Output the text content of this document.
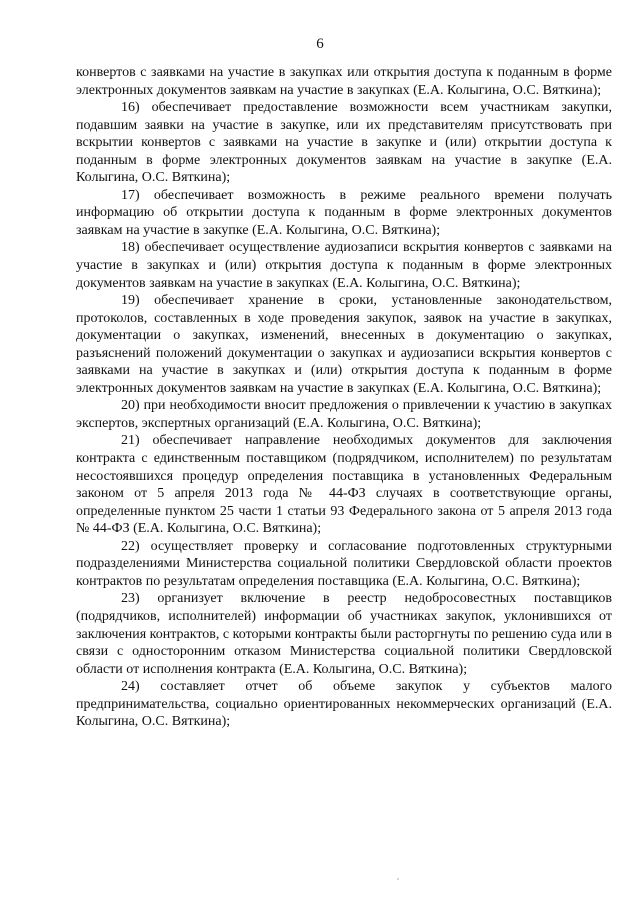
6

конвертов с заявками на участие в закупках или открытия доступа к поданным в форме электронных документов заявкам на участие в закупках (Е.А. Колыгина, О.С. Вяткина);

16) обеспечивает предоставление возможности всем участникам закупки, подавшим заявки на участие в закупке, или их представителям присутствовать при вскрытии конвертов с заявками на участие в закупке и (или) открытии доступа к поданным в форме электронных документов заявкам на участие в закупке (Е.А. Колыгина, О.С. Вяткина);

17) обеспечивает возможность в режиме реального времени получать информацию об открытии доступа к поданным в форме электронных документов заявкам на участие в закупке (Е.А. Колыгина, О.С. Вяткина);

18) обеспечивает осуществление аудиозаписи вскрытия конвертов с заявками на участие в закупках и (или) открытия доступа к поданным в форме электронных документов заявкам на участие в закупках (Е.А. Колыгина, О.С. Вяткина);

19) обеспечивает хранение в сроки, установленные законодательством, протоколов, составленных в ходе проведения закупок, заявок на участие в закупках, документации о закупках, изменений, внесенных в документацию о закупках, разъяснений положений документации о закупках и аудиозаписи вскрытия конвертов с заявками на участие в закупках и (или) открытия доступа к поданным в форме электронных документов заявкам на участие в закупках (Е.А. Колыгина, О.С. Вяткина);

20) при необходимости вносит предложения о привлечении к участию в закупках экспертов, экспертных организаций (Е.А. Колыгина, О.С. Вяткина);

21) обеспечивает направление необходимых документов для заключения контракта с единственным поставщиком (подрядчиком, исполнителем) по результатам несостоявшихся процедур определения поставщика в установленных Федеральным законом от 5 апреля 2013 года № 44-ФЗ случаях в соответствующие органы, определенные пунктом 25 части 1 статьи 93 Федерального закона от 5 апреля 2013 года № 44-ФЗ (Е.А. Колыгина, О.С. Вяткина);

22) осуществляет проверку и согласование подготовленных структурными подразделениями Министерства социальной политики Свердловской области проектов контрактов по результатам определения поставщика (Е.А. Колыгина, О.С. Вяткина);

23) организует включение в реестр недобросовестных поставщиков (подрядчиков, исполнителей) информации об участниках закупок, уклонившихся от заключения контрактов, с которыми контракты были расторгнуты по решению суда или в связи с односторонним отказом Министерства социальной политики Свердловской области от исполнения контракта (Е.А. Колыгина, О.С. Вяткина);

24) составляет отчет об объеме закупок у субъектов малого предпринимательства, социально ориентированных некоммерческих организаций (Е.А. Колыгина, О.С. Вяткина);
